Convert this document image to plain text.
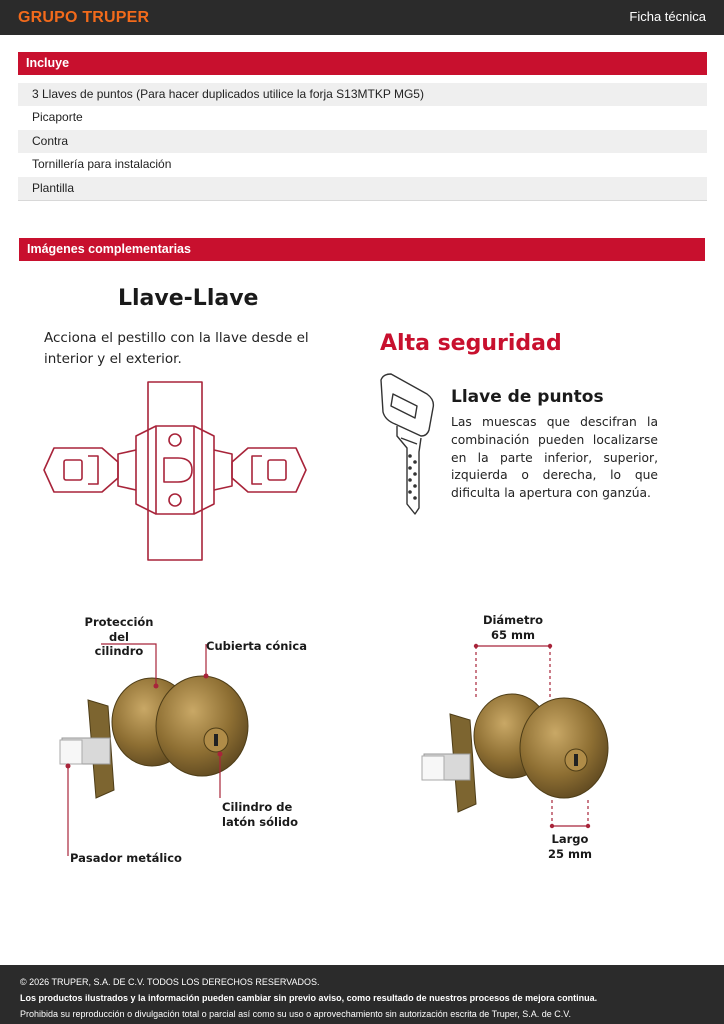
GRUPO TRUPER	Ficha técnica
Incluye
3 Llaves de puntos (Para hacer duplicados utilice la forja S13MTKP MG5)
Picaporte
Contra
Tornillería para instalación
Plantilla
Imágenes complementarias
Llave-Llave
Acciona el pestillo con la llave desde el interior y el exterior.
Alta seguridad
Llave de puntos
Las muescas que descifran la combinación pueden localizarse en la parte inferior, superior, izquierda o derecha, lo que dificulta la apertura con ganzúa.
Protección
del cilindro	Cubierta cónica
Cilindro de
latón sólido
Pasador metálico
Diámetro
65 mm
Largo
25 mm
© 2026 TRUPER, S.A. DE C.V. TODOS LOS DERECHOS RESERVADOS.
Los productos ilustrados y la información pueden cambiar sin previo aviso, como resultado de nuestros procesos de mejora continua.
Prohibida su reproducción o divulgación total o parcial así como su uso o aprovechamiento sin autorización escrita de Truper, S.A. de C.V.
